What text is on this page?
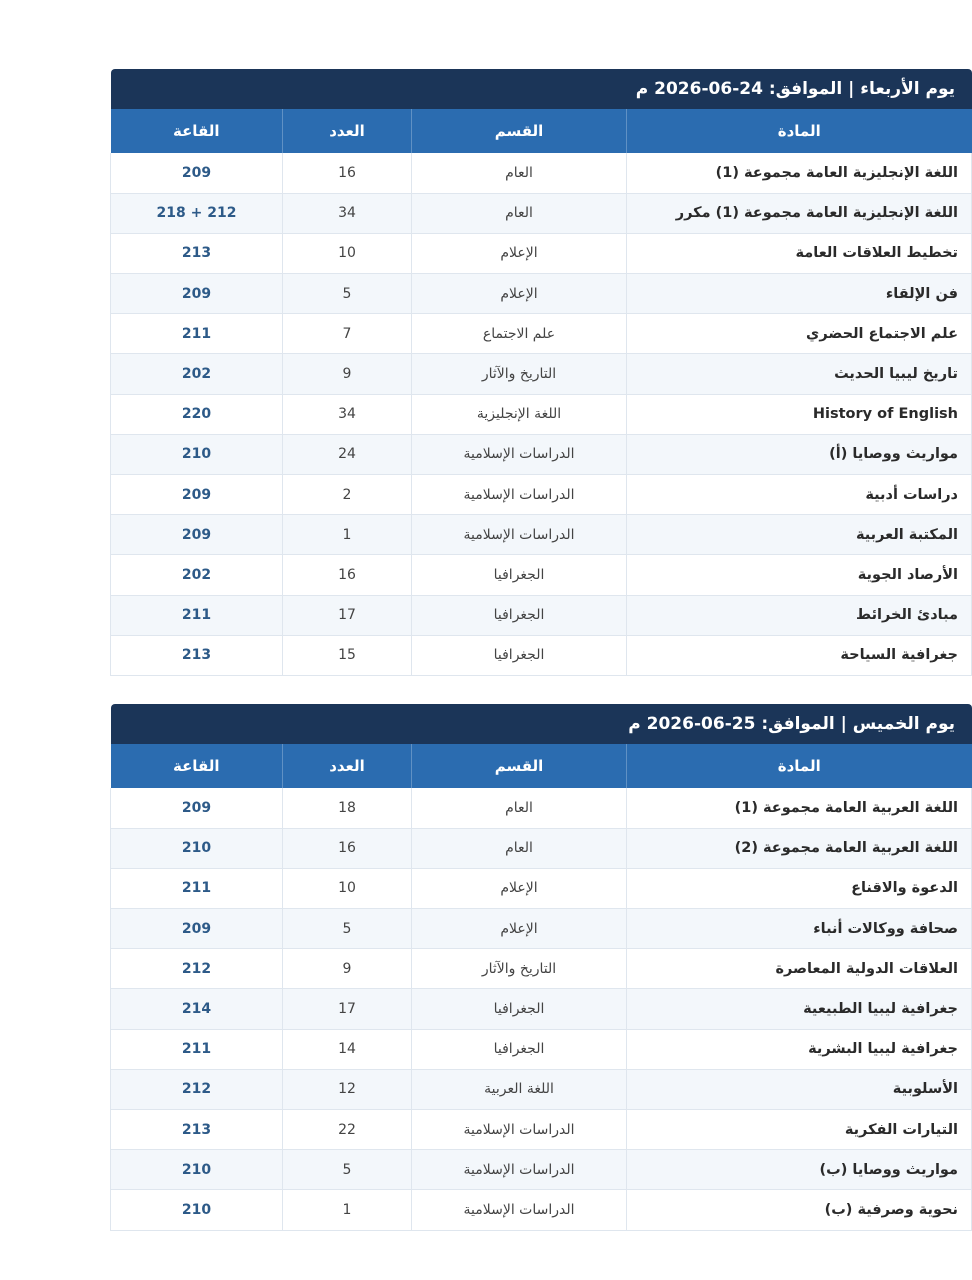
يوم الأربعاء | الموافق: 24-06-2026 م
المادة	القسم	العدد	القاعة
اللغة الإنجليزية العامة مجموعة (1)	العام	16	209
اللغة الإنجليزية العامة مجموعة (1) مكرر	العام	34	212 + 218
تخطيط العلاقات العامة	الإعلام	10	213
فن الإلقاء	الإعلام	5	209
علم الاجتماع الحضري	علم الاجتماع	7	211
تاريخ ليبيا الحديث	التاريخ والآثار	9	202
History of English	اللغة الإنجليزية	34	220
مواريث ووصايا (أ)	الدراسات الإسلامية	24	210
دراسات أدبية	الدراسات الإسلامية	2	209
المكتبة العربية	الدراسات الإسلامية	1	209
الأرصاد الجوية	الجغرافيا	16	202
مبادئ الخرائط	الجغرافيا	17	211
جغرافية السياحة	الجغرافيا	15	213
يوم الخميس | الموافق: 25-06-2026 م
المادة	القسم	العدد	القاعة
اللغة العربية العامة مجموعة (1)	العام	18	209
اللغة العربية العامة مجموعة (2)	العام	16	210
الدعوة والاقناع	الإعلام	10	211
صحافة ووكالات أنباء	الإعلام	5	209
العلاقات الدولية المعاصرة	التاريخ والآثار	9	212
جغرافية ليبيا الطبيعية	الجغرافيا	17	214
جغرافية ليبيا البشرية	الجغرافيا	14	211
الأسلوبية	اللغة العربية	12	212
التيارات الفكرية	الدراسات الإسلامية	22	213
مواريث ووصايا (ب)	الدراسات الإسلامية	5	210
نحوية وصرفية (ب)	الدراسات الإسلامية	1	210
